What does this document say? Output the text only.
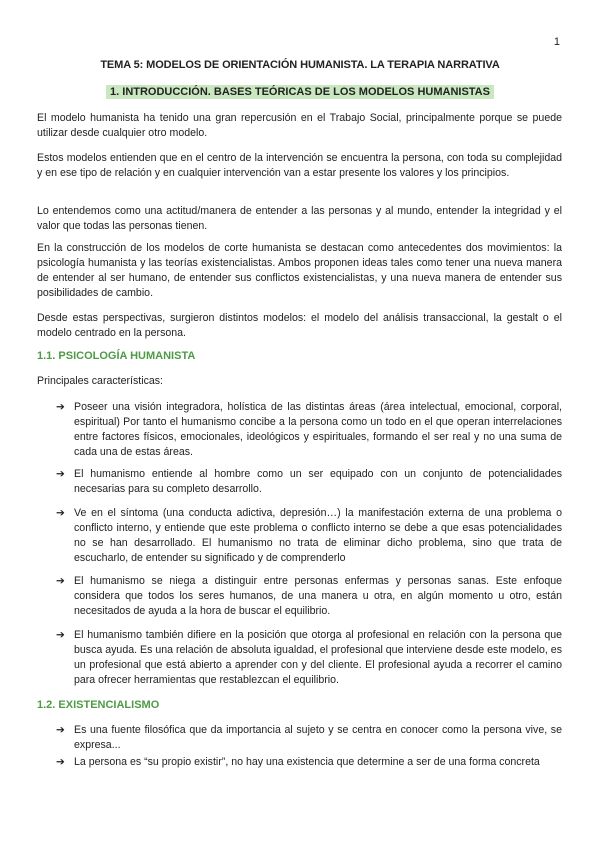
1
TEMA 5: MODELOS DE ORIENTACIÓN HUMANISTA. LA TERAPIA NARRATIVA
1. INTRODUCCIÓN. BASES TEÓRICAS DE LOS MODELOS HUMANISTAS

El modelo humanista ha tenido una gran repercusión en el Trabajo Social, principalmente porque se puede utilizar desde cualquier otro modelo.

Estos modelos entienden que en el centro de la intervención se encuentra la persona, con toda su complejidad y en ese tipo de relación y en cualquier intervención van a estar presente los valores y los principios.

Lo entendemos como una actitud/manera de entender a las personas y al mundo, entender la integridad y el valor que todas las personas tienen.

En la construcción de los modelos de corte humanista se destacan como antecedentes dos movimientos: la psicología humanista y las teorías existencialistas. Ambos proponen ideas tales como tener una nueva manera de entender al ser humano, de entender sus conflictos existencialistas, y una nueva manera de entender sus posibilidades de cambio.

Desde estas perspectivas, surgieron distintos modelos: el modelo del análisis transaccional, la gestalt o el modelo centrado en la persona.

1.1. PSICOLOGÍA HUMANISTA

Principales características:

➔ Poseer una visión integradora, holística de las distintas áreas (área intelectual, emocional, corporal, espiritual) Por tanto el humanismo concibe a la persona como un todo en el que operan interrelaciones entre factores físicos, emocionales, ideológicos y espirituales, formando el ser real y no una suma de cada una de estas áreas.
➔ El humanismo entiende al hombre como un ser equipado con un conjunto de potencialidades necesarias para su completo desarrollo.
➔ Ve en el síntoma (una conducta adictiva, depresión…) la manifestación externa de una problema o conflicto interno, y entiende que este problema o conflicto interno se debe a que esas potencialidades no se han desarrollado. El humanismo no trata de eliminar dicho problema, sino que trata de escucharlo, de entender su significado y de comprenderlo
➔ El humanismo se niega a distinguir entre personas enfermas y personas sanas. Este enfoque considera que todos los seres humanos, de una manera u otra, en algún momento u otro, están necesitados de ayuda a la hora de buscar el equilibrio.
➔ El humanismo también difiere en la posición que otorga al profesional en relación con la persona que busca ayuda. Es una relación de absoluta igualdad, el profesional que interviene desde este modelo, es un profesional que está abierto a aprender con y del cliente. El profesional ayuda a recorrer el camino para ofrecer herramientas que restablezcan el equilibrio.

1.2. EXISTENCIALISMO

➔ Es una fuente filosófica que da importancia al sujeto y se centra en conocer como la persona vive, se expresa...
➔ La persona es “su propio existir”, no hay una existencia que determine a ser de una forma concreta
